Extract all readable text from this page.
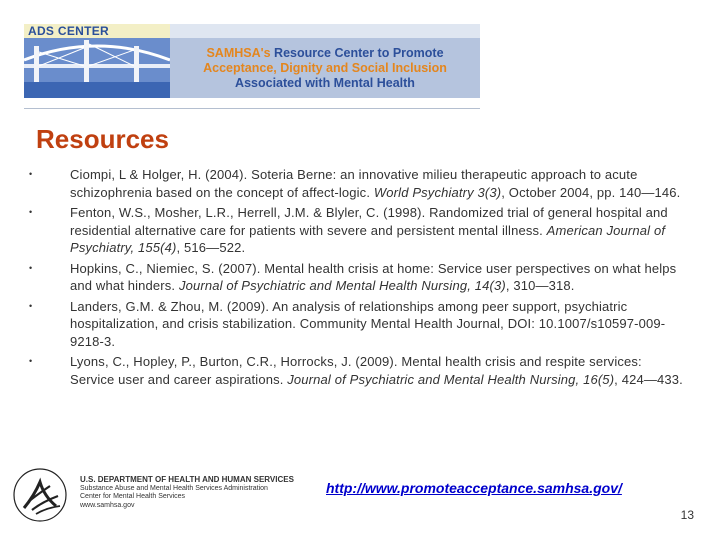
ADS CENTER
SAMHSA's Resource Center to Promote
Acceptance, Dignity and Social Inclusion
Associated with Mental Health
Resources
•	Ciompi, L & Holger, H. (2004). Soteria Berne: an innovative milieu therapeutic approach to acute schizophrenia based on the concept of affect-logic. World Psychiatry 3(3), October 2004, pp. 140—146.
•	Fenton, W.S., Mosher, L.R., Herrell, J.M. & Blyler, C. (1998). Randomized trial of general hospital and residential alternative care for patients with severe and persistent mental illness. American Journal of Psychiatry, 155(4), 516—522.
•	Hopkins, C., Niemiec, S. (2007). Mental health crisis at home: Service user perspectives on what helps and what hinders. Journal of Psychiatric and Mental Health Nursing, 14(3), 310—318.
•	Landers, G.M. & Zhou, M. (2009). An analysis of relationships among peer support, psychiatric hospitalization, and crisis stabilization. Community Mental Health Journal, DOI: 10.1007/s10597-009-9218-3.
•	Lyons, C., Hopley, P., Burton, C.R., Horrocks, J. (2009). Mental health crisis and respite services: Service user and career aspirations. Journal of Psychiatric and Mental Health Nursing, 16(5), 424—433.
U.S. DEPARTMENT OF HEALTH AND HUMAN SERVICES
Substance Abuse and Mental Health Services Administration
Center for Mental Health Services
www.samhsa.gov
http://www.promoteacceptance.samhsa.gov/
13
